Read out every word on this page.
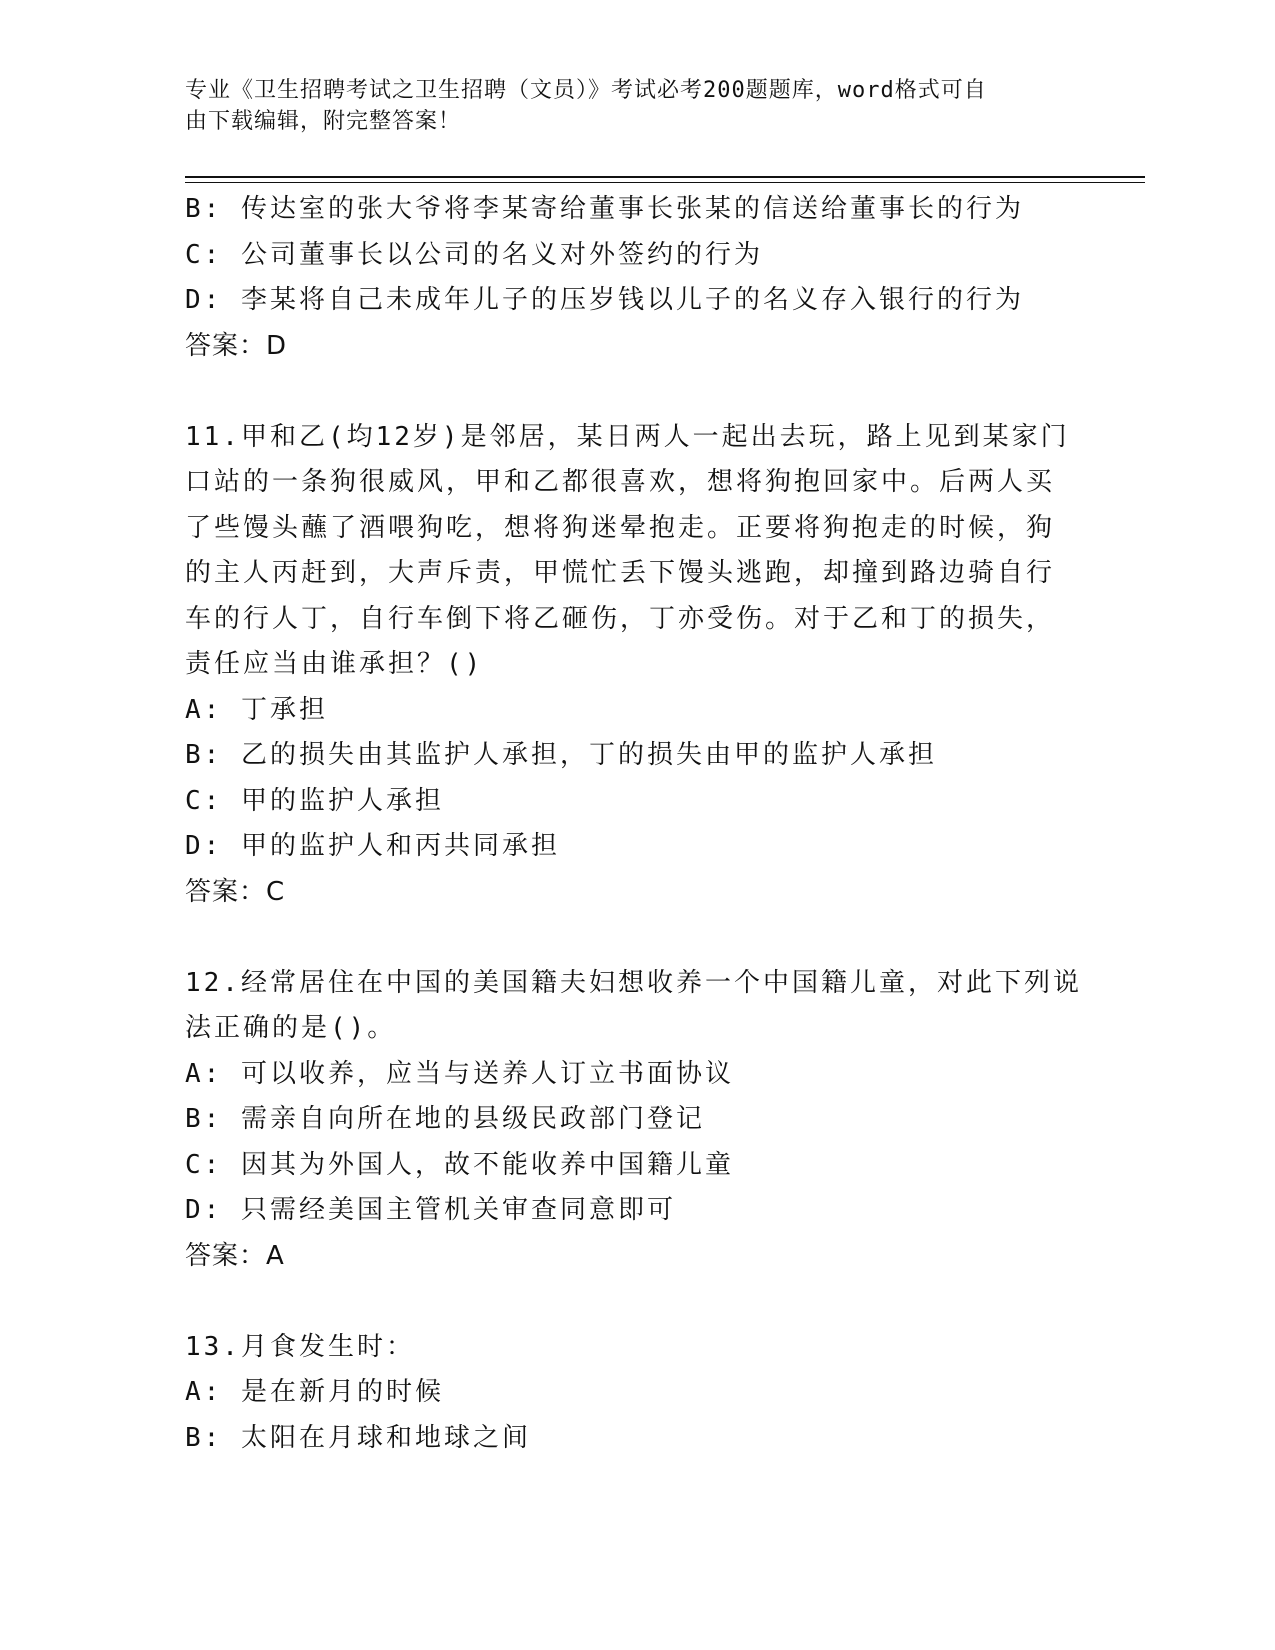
专业《卫生招聘考试之卫生招聘（文员）》考试必考200题题库，word格式可自
由下载编辑，附完整答案！
B: 传达室的张大爷将李某寄给董事长张某的信送给董事长的行为
C: 公司董事长以公司的名义对外签约的行为
D: 李某将自己未成年儿子的压岁钱以儿子的名义存入银行的行为
答案：D
11.甲和乙(均12岁)是邻居，某日两人一起出去玩，路上见到某家门
口站的一条狗很威风，甲和乙都很喜欢，想将狗抱回家中。后两人买
了些馒头蘸了酒喂狗吃，想将狗迷晕抱走。正要将狗抱走的时候，狗
的主人丙赶到，大声斥责，甲慌忙丢下馒头逃跑，却撞到路边骑自行
车的行人丁，自行车倒下将乙砸伤，丁亦受伤。对于乙和丁的损失，
责任应当由谁承担？()
A: 丁承担
B: 乙的损失由其监护人承担，丁的损失由甲的监护人承担
C: 甲的监护人承担
D: 甲的监护人和丙共同承担
答案：C
12.经常居住在中国的美国籍夫妇想收养一个中国籍儿童，对此下列说
法正确的是()。
A: 可以收养，应当与送养人订立书面协议
B: 需亲自向所在地的县级民政部门登记
C: 因其为外国人，故不能收养中国籍儿童
D: 只需经美国主管机关审查同意即可
答案：A
13.月食发生时：
A: 是在新月的时候
B: 太阳在月球和地球之间
